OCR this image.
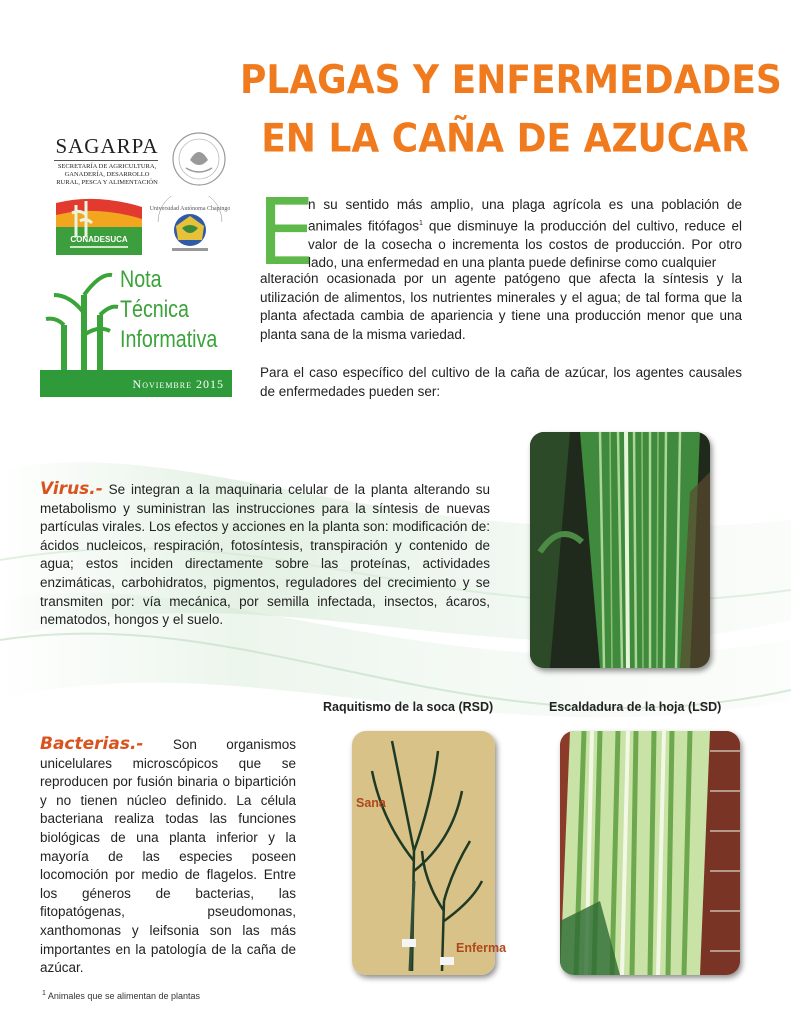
PLAGAS Y ENFERMEDADES
EN LA CAÑA DE AZUCAR
SAGARPA
SECRETARÍA DE AGRICULTURA, GANADERÍA, DESARROLLO RURAL, PESCA Y ALIMENTACIÓN
CONADESUCA
Universidad Autónoma Chapingo
Nota
Técnica
Informativa
Noviembre 2015
E
n su sentido más amplio, una plaga agrícola es una población de animales fitófagos$^1$ que disminuye la producción del cultivo, reduce el valor de la cosecha o incrementa los costos de producción. Por otro lado, una enfermedad en una planta puede definirse como cualquier
alteración ocasionada por un agente patógeno que afecta la síntesis y la utilización de alimentos, los nutrientes minerales y el agua; de tal forma que la planta afectada cambia de apariencia y tiene una producción menor que una planta sana de la misma variedad.
Para el caso específico del cultivo de la caña de azúcar, los agentes causales de enfermedades pueden ser:
Virus.- Se integran a la maquinaria celular de la planta alterando su metabolismo y suministran las instrucciones para la síntesis de nuevas partículas virales. Los efectos y acciones en la planta son: modificación de: ácidos nucleicos, respiración, fotosíntesis, transpiración y contenido de agua; estos inciden directamente sobre las proteínas, actividades enzimáticas, carbohidratos, pigmentos, reguladores del crecimiento y se transmiten por: vía mecánica, por semilla infectada, insectos, ácaros, nematodos, hongos y el suelo.
Bacterias.- Son organismos unicelulares microscópicos que se reproducen por fusión binaria o bipartición y no tienen núcleo definido. La célula bacteriana realiza todas las funciones biológicas de una planta inferior y la mayoría de las especies poseen locomoción por medio de flagelos. Entre los géneros de bacterias, las fitopatógenas, pseudomonas, xanthomonas y leifsonia son las más importantes en la patología de la caña de azúcar.
Raquitismo de la soca (RSD)	Escaldadura de la hoja (LSD)
Sana
Enferma
$^1$ Animales que se alimentan de plantas
